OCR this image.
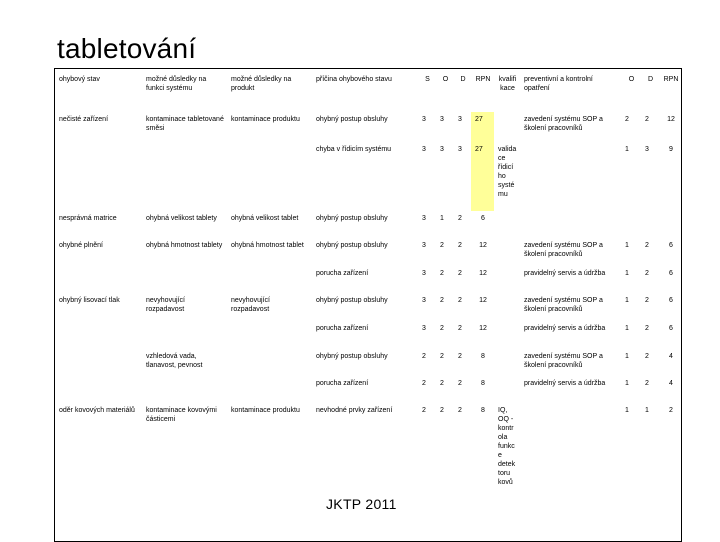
tabletování
ohybový stav	možné důsledky na funkci systému	možné důsledky na produkt	příčina ohybového stavu	S	O	D	RPN	kvalifikace	preventivní a kontrolní opatření	O	D	RPN
nečisté zařízení	kontaminace tabletované směsi	kontaminace produktu	ohybný postup obsluhy	3	3	3	27		zavedení systému SOP a školení pracovníků	2	2	12
			chyba v řídicím systému	3	3	3	27	validace řídicího systému		1	3	9
nesprávná matrice	ohybná velikost tablety	ohybná velikost tablet	ohybný postup obsluhy	3	1	2	6					
ohybné plnění	ohybná hmotnost tablety	ohybná hmotnost tablet	ohybný postup obsluhy	3	2	2	12		zavedení systému SOP a školení pracovníků	1	2	6
			porucha zařízení	3	2	2	12		pravidelný servis a údržba	1	2	6
ohybný lisovací tlak	nevyhovující rozpadavost	nevyhovující rozpadavost	ohybný postup obsluhy	3	2	2	12		zavedení systému SOP a školení pracovníků	1	2	6
			porucha zařízení	3	2	2	12		pravidelný servis a údržba	1	2	6
	vzhledová vada, tlanavost, pevnost		ohybný postup obsluhy	2	2	2	8		zavedení systému SOP a školení pracovníků	1	2	4
			porucha zařízení	2	2	2	8		pravidelný servis a údržba	1	2	4
oděr kovových materiálů	kontaminace kovovými částicemi	kontaminace produktu	nevhodné prvky zařízení	2	2	2	8	IQ, OQ - kontrola funkce detektoru kovů		1	1	2
JKTP 2011
